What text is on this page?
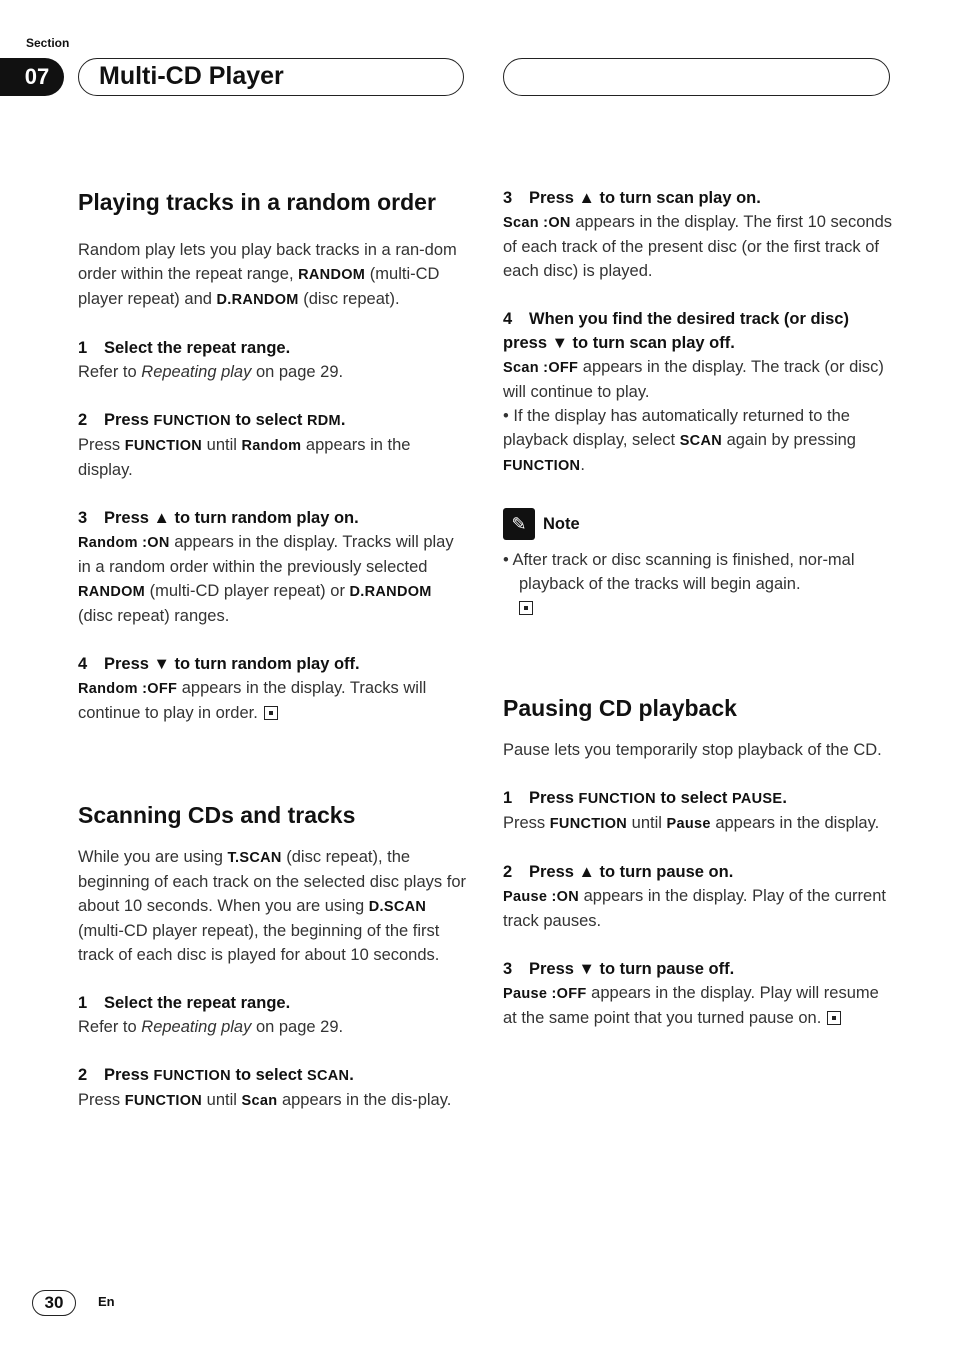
Section
07	Multi-CD Player
Playing tracks in a random order

Random play lets you play back tracks in a ran-dom order within the repeat range, RANDOM (multi-CD player repeat) and D.RANDOM (disc repeat).

1 Select the repeat range.

Refer to Repeating play on page 29.

2 Press FUNCTION to select RDM.

Press FUNCTION until Random appears in the display.

3 Press ▲ to turn random play on.

Random :ON appears in the display. Tracks will play in a random order within the previously selected RANDOM (multi-CD player repeat) or D.RANDOM (disc repeat) ranges.

4 Press ▼ to turn random play off.

Random :OFF appears in the display. Tracks will continue to play in order.

Scanning CDs and tracks

While you are using T.SCAN (disc repeat), the beginning of each track on the selected disc plays for about 10 seconds. When you are using D.SCAN (multi-CD player repeat), the beginning of the first track of each disc is played for about 10 seconds.

1 Select the repeat range.

Refer to Repeating play on page 29.

2 Press FUNCTION to select SCAN.

Press FUNCTION until Scan appears in the dis-play.

3 Press ▲ to turn scan play on.

Scan :ON appears in the display. The first 10 seconds of each track of the present disc (or the first track of each disc) is played.

4 When you find the desired track (or disc) press ▼ to turn scan play off.

Scan :OFF appears in the display. The track (or disc) will continue to play.

• If the display has automatically returned to the playback display, select SCAN again by pressing FUNCTION.

✎ Note

• After track or disc scanning is finished, nor-mal playback of the tracks will begin again.

Pausing CD playback

Pause lets you temporarily stop playback of the CD.

1 Press FUNCTION to select PAUSE.

Press FUNCTION until Pause appears in the display.

2 Press ▲ to turn pause on.

Pause :ON appears in the display. Play of the current track pauses.

3 Press ▼ to turn pause off.

Pause :OFF appears in the display. Play will resume at the same point that you turned pause on.

30	En
